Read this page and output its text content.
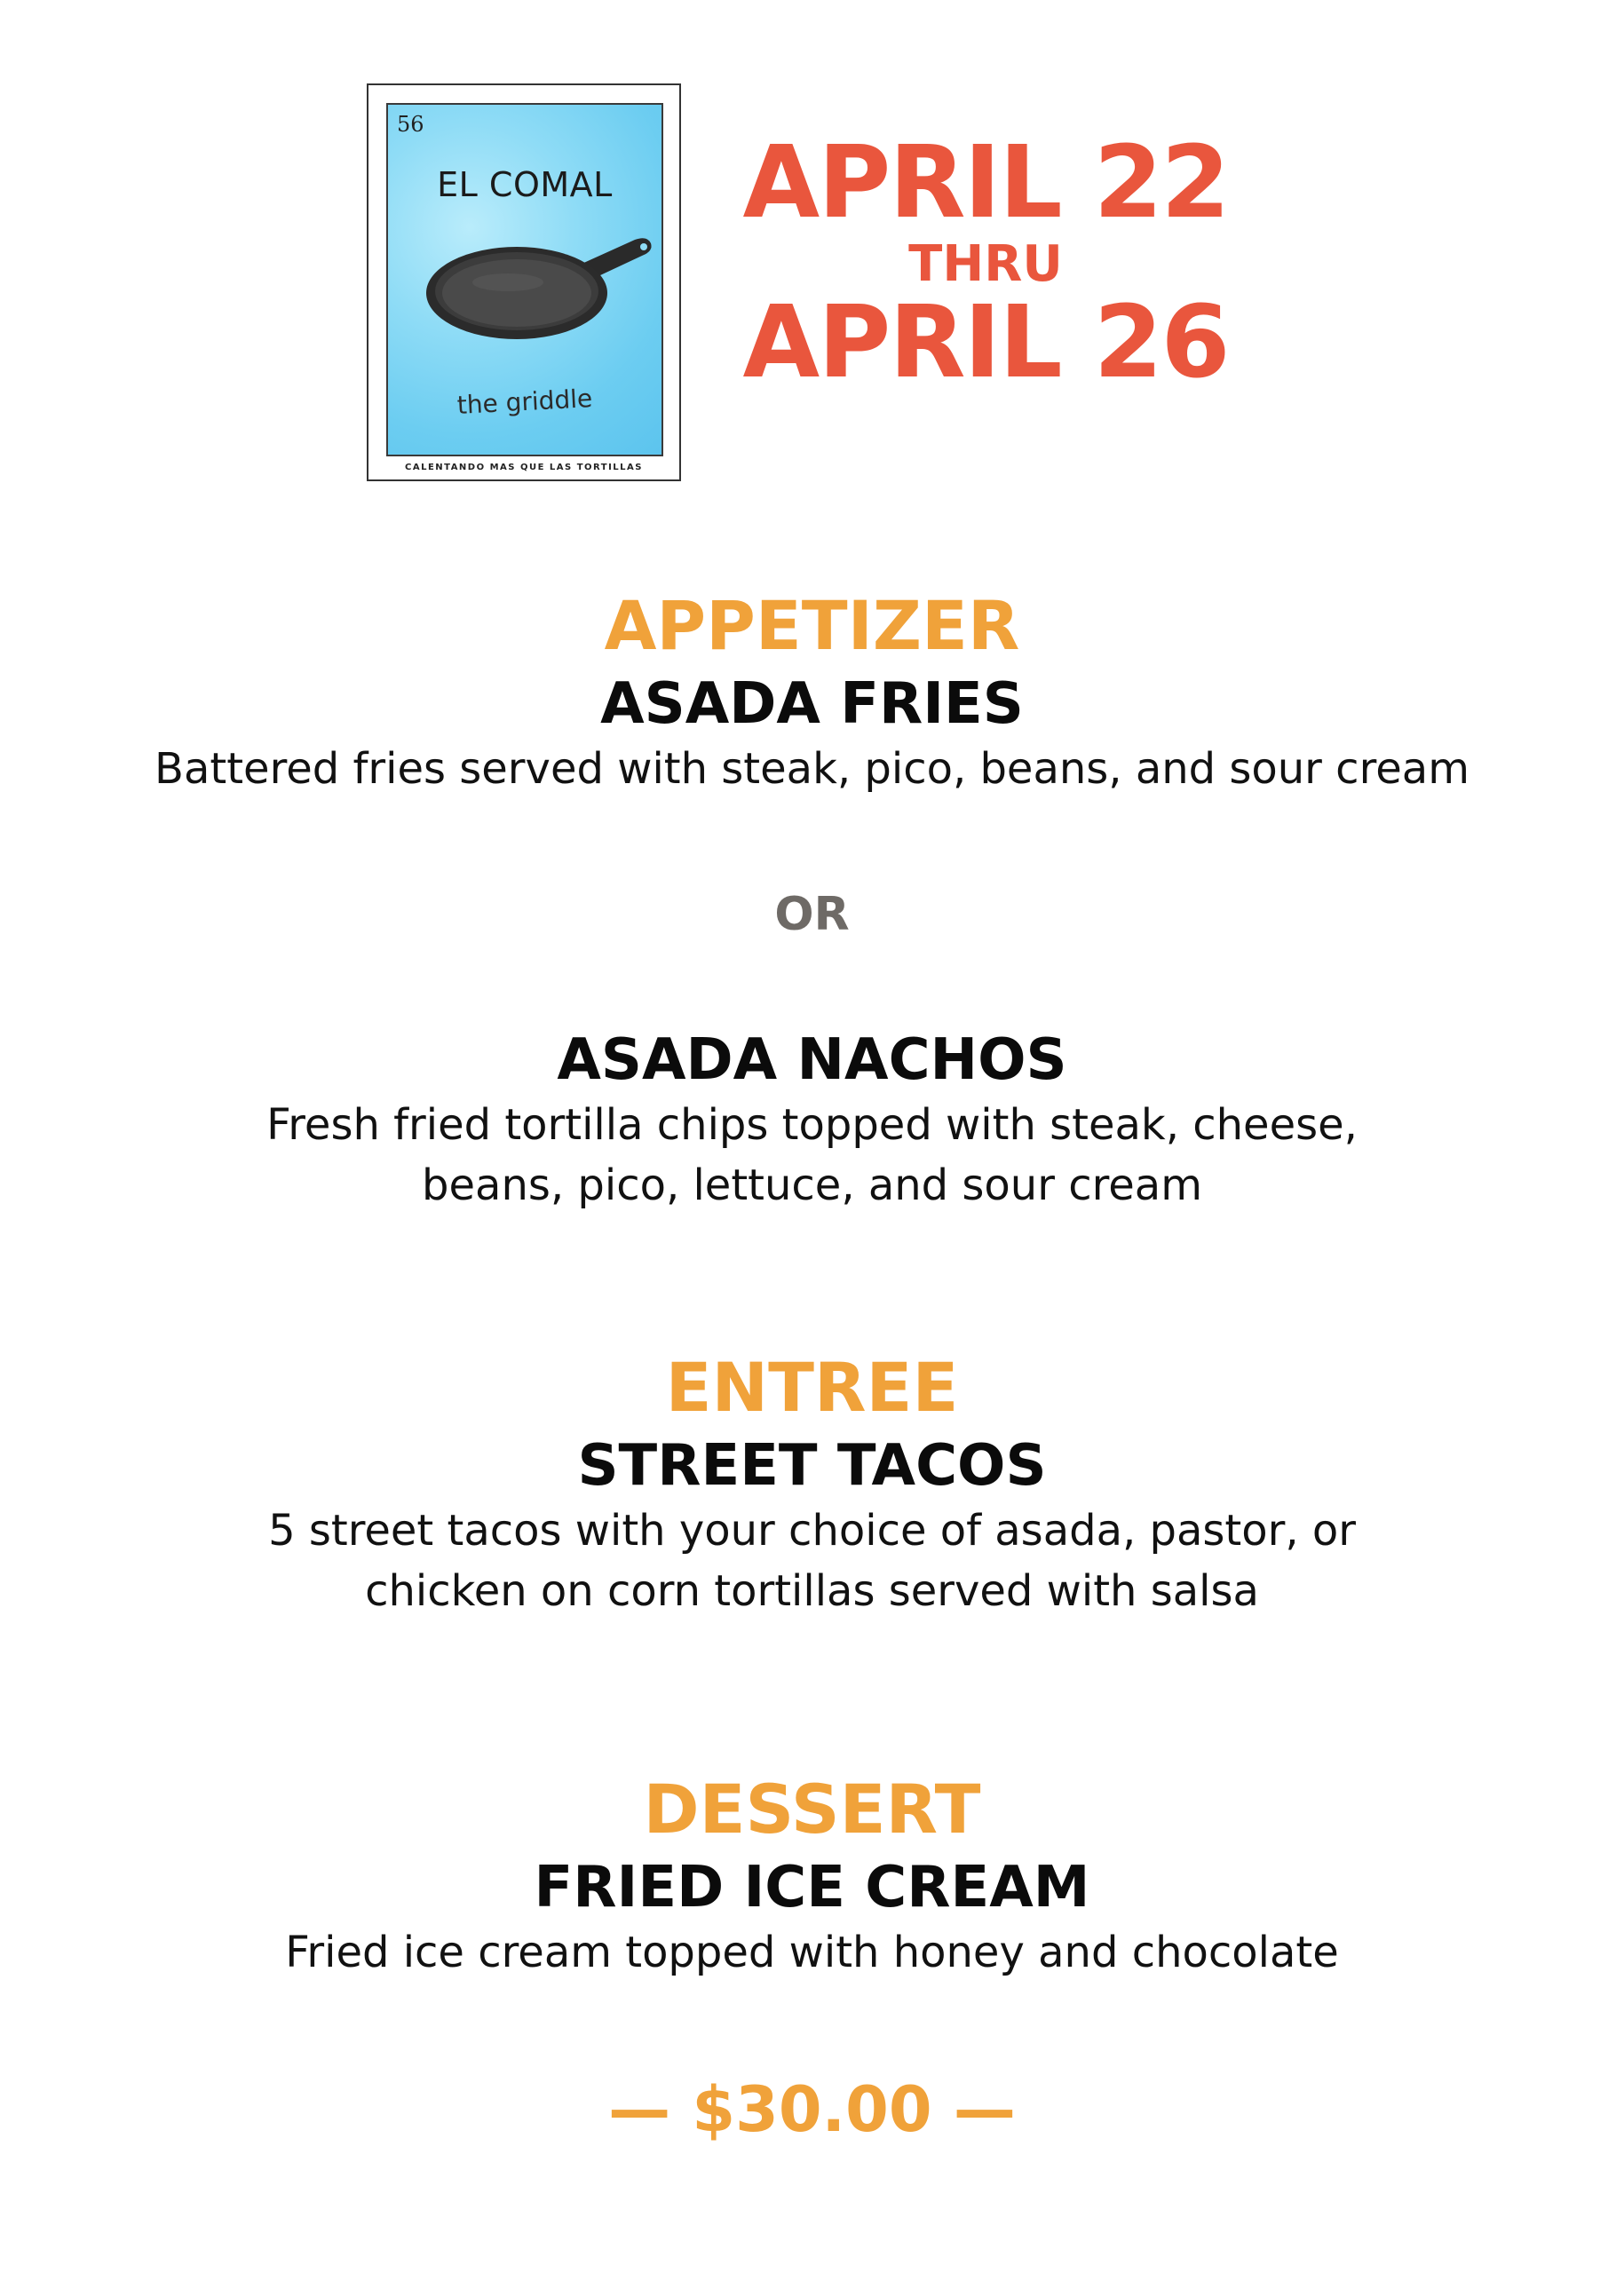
56
EL COMAL
the griddle
CALENTANDO MAS QUE LAS TORTILLAS
APRIL 22
THRU
APRIL 26
APPETIZER
ASADA FRIES
Battered fries served with steak, pico, beans, and sour cream
OR
ASADA NACHOS
Fresh fried tortilla chips topped with steak, cheese,
beans, pico, lettuce, and sour cream
ENTREE
STREET TACOS
5 street tacos with your choice of asada, pastor, or
chicken on corn tortillas served with salsa
DESSERT
FRIED ICE CREAM
Fried ice cream topped with honey and chocolate
— $30.00 —
